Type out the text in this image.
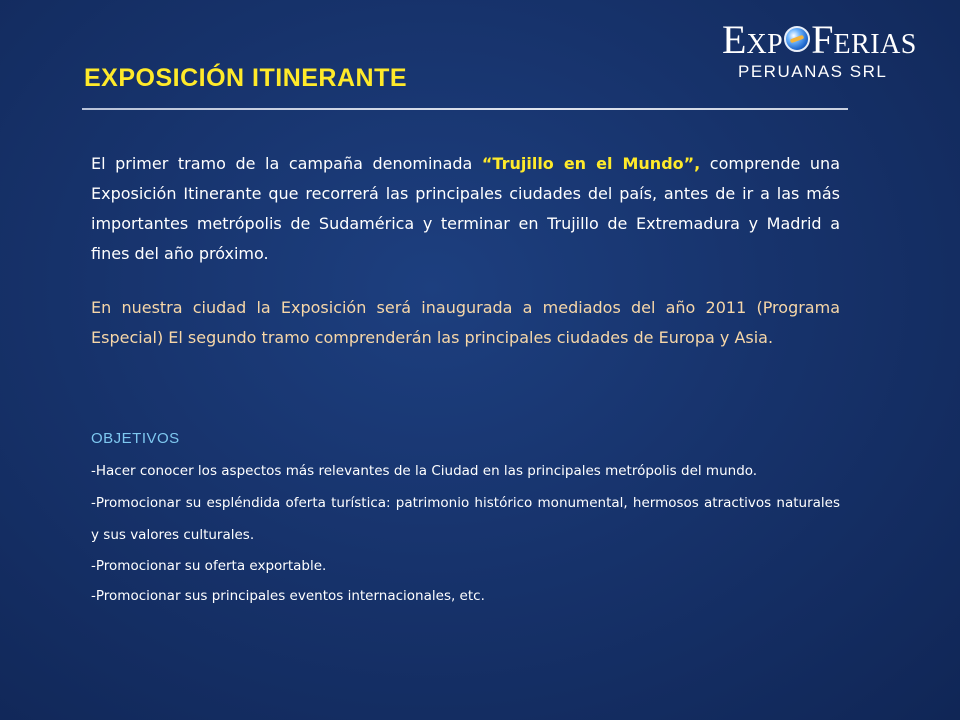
EXP FERIAS
PERUANAS SRL
EXPOSICIÓN ITINERANTE

El primer tramo de la campaña denominada “Trujillo en el Mundo”, comprende una Exposición Itinerante que recorrerá las principales ciudades del país, antes de ir a las más importantes metrópolis de Sudamérica y terminar en Trujillo de Extremadura y Madrid a fines del año próximo.

En nuestra ciudad la Exposición será inaugurada a mediados del año 2011 (Programa Especial) El segundo tramo comprenderán las principales ciudades de Europa y Asia.

OBJETIVOS

-Hacer conocer los aspectos más relevantes de la Ciudad en las principales metrópolis del mundo.

-Promocionar su espléndida oferta turística: patrimonio histórico monumental, hermosos atractivos naturales y sus valores culturales.

-Promocionar su oferta exportable.

-Promocionar sus principales eventos internacionales, etc.
